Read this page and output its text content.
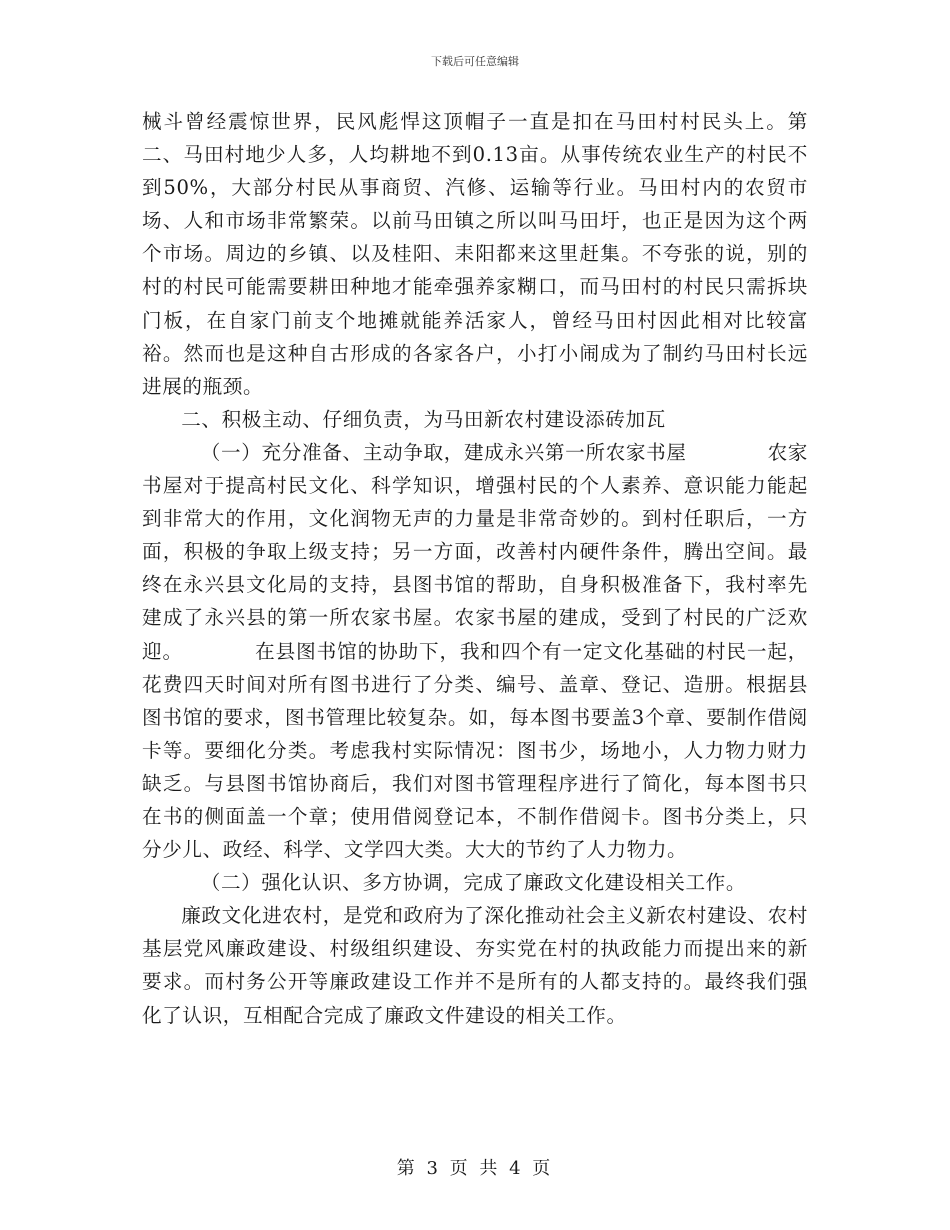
下载后可任意编辑

械斗曾经震惊世界，民风彪悍这顶帽子一直是扣在马田村村民头上。第二、马田村地少人多，人均耕地不到0.13亩。从事传统农业生产的村民不到50%，大部分村民从事商贸、汽修、运输等行业。马田村内的农贸市场、人和市场非常繁荣。以前马田镇之所以叫马田圩，也正是因为这个两个市场。周边的乡镇、以及桂阳、耒阳都来这里赶集。不夸张的说，别的村的村民可能需要耕田种地才能牵强养家糊口，而马田村的村民只需拆块门板，在自家门前支个地摊就能养活家人，曾经马田村因此相对比较富裕。然而也是这种自古形成的各家各户，小打小闹成为了制约马田村长远进展的瓶颈。

二、积极主动、仔细负责，为马田新农村建设添砖加瓦

（一）充分准备、主动争取，建成永兴第一所农家书屋　　　　农家书屋对于提高村民文化、科学知识，增强村民的个人素养、意识能力能起到非常大的作用，文化润物无声的力量是非常奇妙的。到村任职后，一方面，积极的争取上级支持；另一方面，改善村内硬件条件，腾出空间。最终在永兴县文化局的支持，县图书馆的帮助，自身积极准备下，我村率先建成了永兴县的第一所农家书屋。农家书屋的建成，受到了村民的广泛欢迎。　　　　在县图书馆的协助下，我和四个有一定文化基础的村民一起，花费四天时间对所有图书进行了分类、编号、盖章、登记、造册。根据县图书馆的要求，图书管理比较复杂。如，每本图书要盖3个章、要制作借阅卡等。要细化分类。考虑我村实际情况：图书少，场地小，人力物力财力缺乏。与县图书馆协商后，我们对图书管理程序进行了简化，每本图书只在书的侧面盖一个章；使用借阅登记本，不制作借阅卡。图书分类上，只分少儿、政经、科学、文学四大类。大大的节约了人力物力。

（二）强化认识、多方协调，完成了廉政文化建设相关工作。

廉政文化进农村，是党和政府为了深化推动社会主义新农村建设、农村基层党风廉政建设、村级组织建设、夯实党在村的执政能力而提出来的新要求。而村务公开等廉政建设工作并不是所有的人都支持的。最终我们强化了认识，互相配合完成了廉政文件建设的相关工作。

第 3 页 共 4 页
